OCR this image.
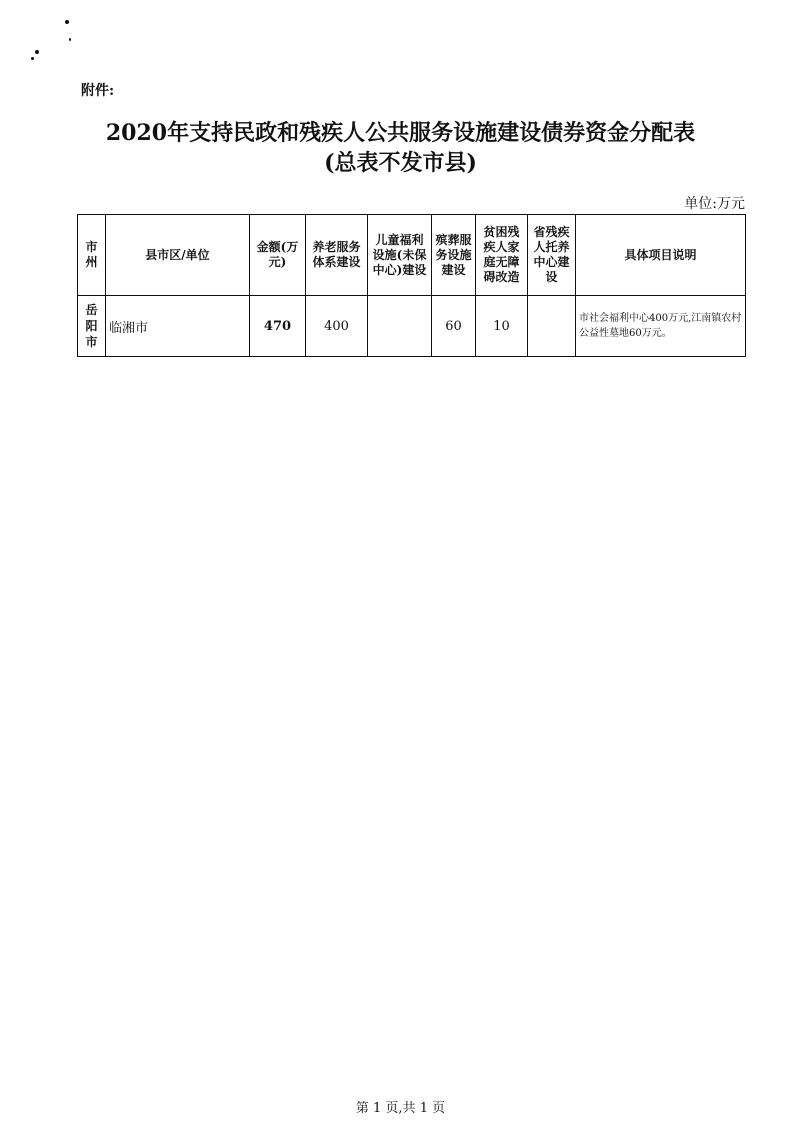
附件:
2020年支持民政和残疾人公共服务设施建设债券资金分配表
(总表不发市县)
单位:万元
市州	县市区/单位	金额(万元)	养老服务体系建设	儿童福利设施(未保中心)建设	殡葬服务设施建设	贫困残疾人家庭无障碍改造	省残疾人托养中心建设	具体项目说明
岳阳市	临湘市	470	400		60	10		市社会福利中心400万元,江南镇农村公益性墓地60万元。
第 1 页,共 1 页
